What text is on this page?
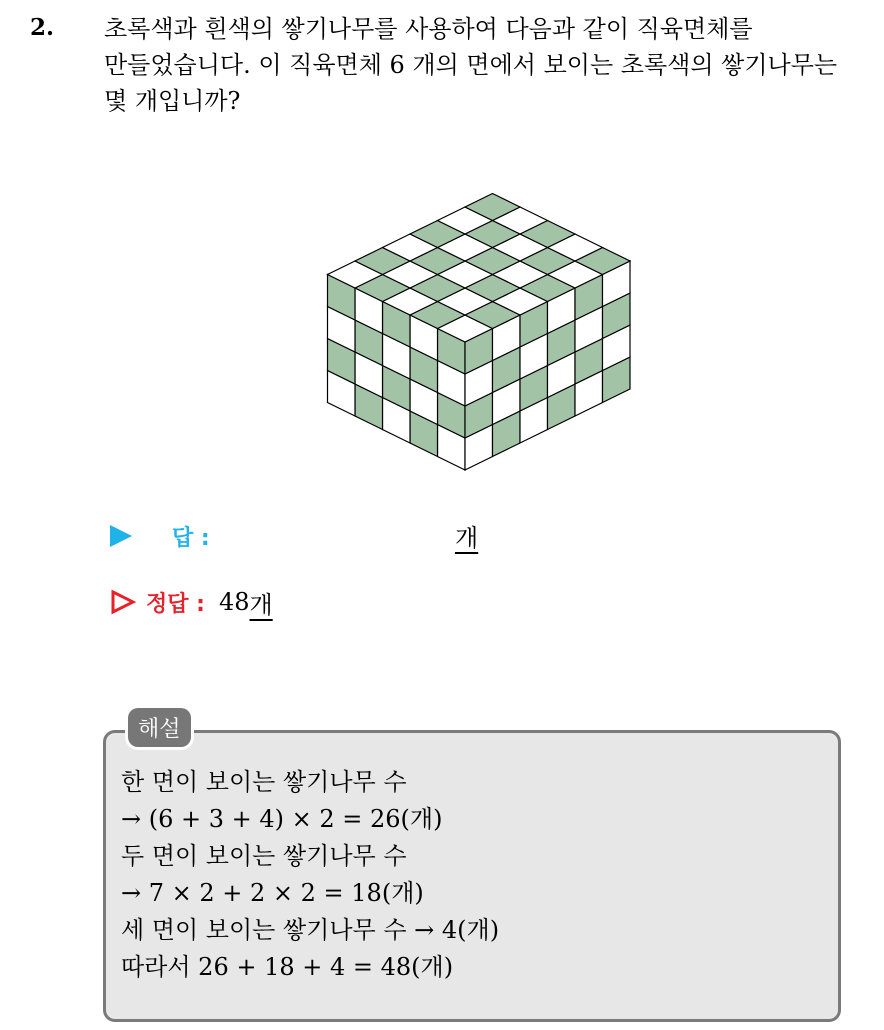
2. 초록색과 흰색의 쌓기나무를 사용하여 다음과 같이 직육면체를
만들었습니다. 이 직육면체 6 개의 면에서 보이는 초록색의 쌓기나무는
몇 개입니까?
답 :	개
정답 : 48 개
해설
한 면이 보이는 쌓기나무 수
→ (6 + 3 + 4) × 2 = 26(개)
두 면이 보이는 쌓기나무 수
→ 7 × 2 + 2 × 2 = 18(개)
세 면이 보이는 쌓기나무 수 → 4(개)
따라서 26 + 18 + 4 = 48(개)
